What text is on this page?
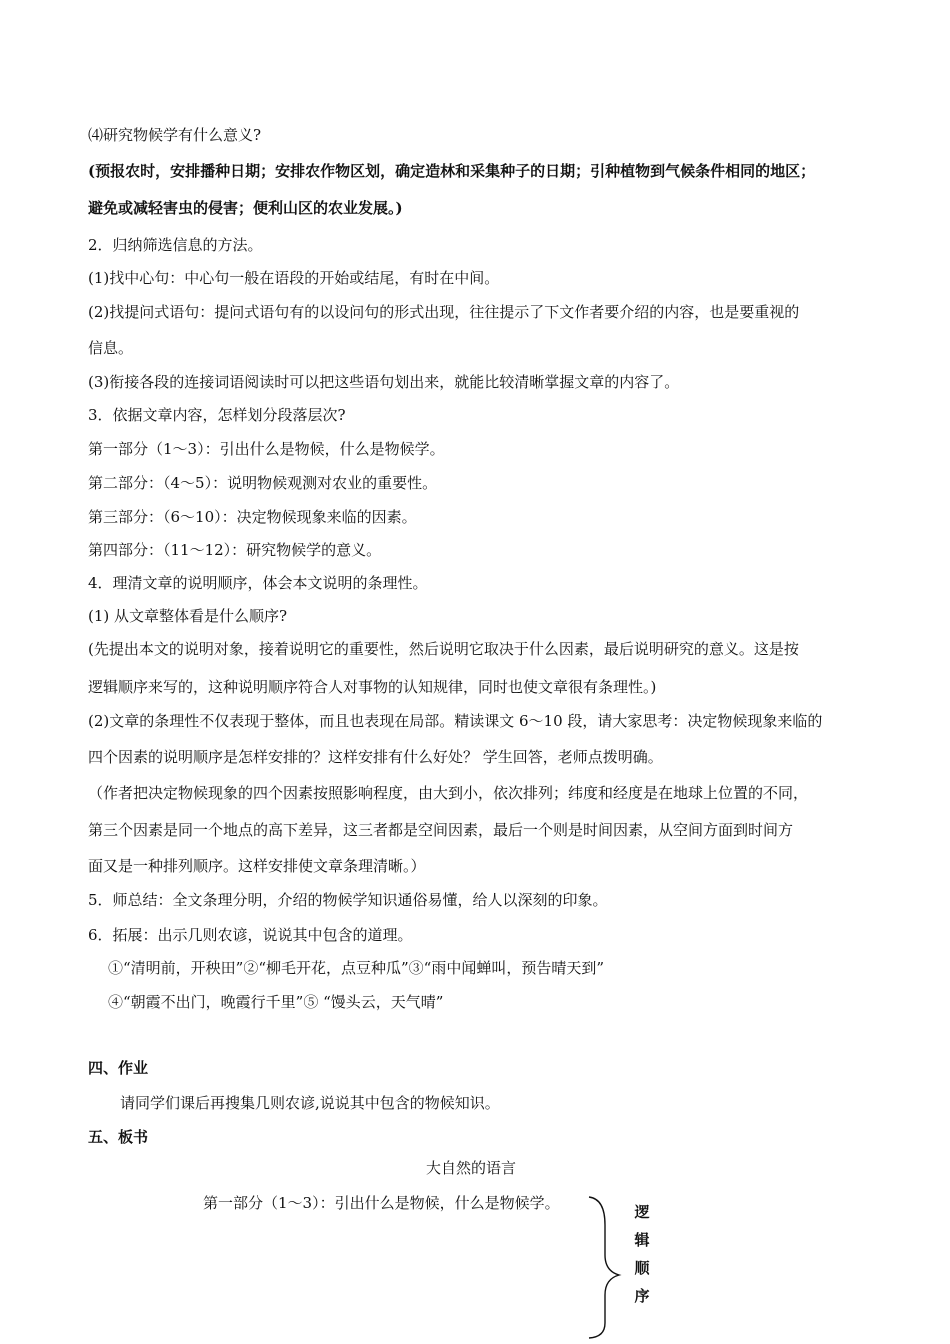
⑷研究物候学有什么意义?
(预报农时，安排播种日期；安排农作物区划，确定造林和采集种子的日期；引种植物到气候条件相同的地区；
避免或减轻害虫的侵害；便利山区的农业发展。)
2．归纳筛选信息的方法。
(1)找中心句：中心句一般在语段的开始或结尾，有时在中间。
(2)找提问式语句：提问式语句有的以设问句的形式出现，往往提示了下文作者要介绍的内容，也是要重视的
信息。
(3)衔接各段的连接词语阅读时可以把这些语句划出来，就能比较清晰掌握文章的内容了。
3．依据文章内容，怎样划分段落层次?
第一部分（1～3）：引出什么是物候，什么是物候学。
第二部分：（4～5）：说明物候观测对农业的重要性。
第三部分：（6～10）：决定物候现象来临的因素。
第四部分：（11～12）：研究物候学的意义。
4．理清文章的说明顺序，体会本文说明的条理性。
(1) 从文章整体看是什么顺序?
(先提出本文的说明对象，接着说明它的重要性，然后说明它取决于什么因素，最后说明研究的意义。这是按
逻辑顺序来写的，这种说明顺序符合人对事物的认知规律，同时也使文章很有条理性。)
(2)文章的条理性不仅表现于整体，而且也表现在局部。精读课文 6～10 段，请大家思考：决定物候现象来临的
四个因素的说明顺序是怎样安排的？这样安排有什么好处？ 学生回答，老师点拨明确。
（作者把决定物候现象的四个因素按照影响程度，由大到小，依次排列；纬度和经度是在地球上位置的不同，
第三个因素是同一个地点的高下差异，这三者都是空间因素，最后一个则是时间因素，从空间方面到时间方
面又是一种排列顺序。这样安排使文章条理清晰。）
5．师总结：全文条理分明，介绍的物候学知识通俗易懂，给人以深刻的印象。
6．拓展：出示几则农谚，说说其中包含的道理。
①“清明前，开秧田”②“柳毛开花，点豆种瓜”③“雨中闻蝉叫，预告晴天到”
④“朝霞不出门，晚霞行千里”⑤ “馒头云，天气晴”
四、作业
请同学们课后再搜集几则农谚,说说其中包含的物候知识。
五、板书
大自然的语言
第一部分（1～3）：引出什么是物候，什么是物候学。	逻
辑
顺
序
